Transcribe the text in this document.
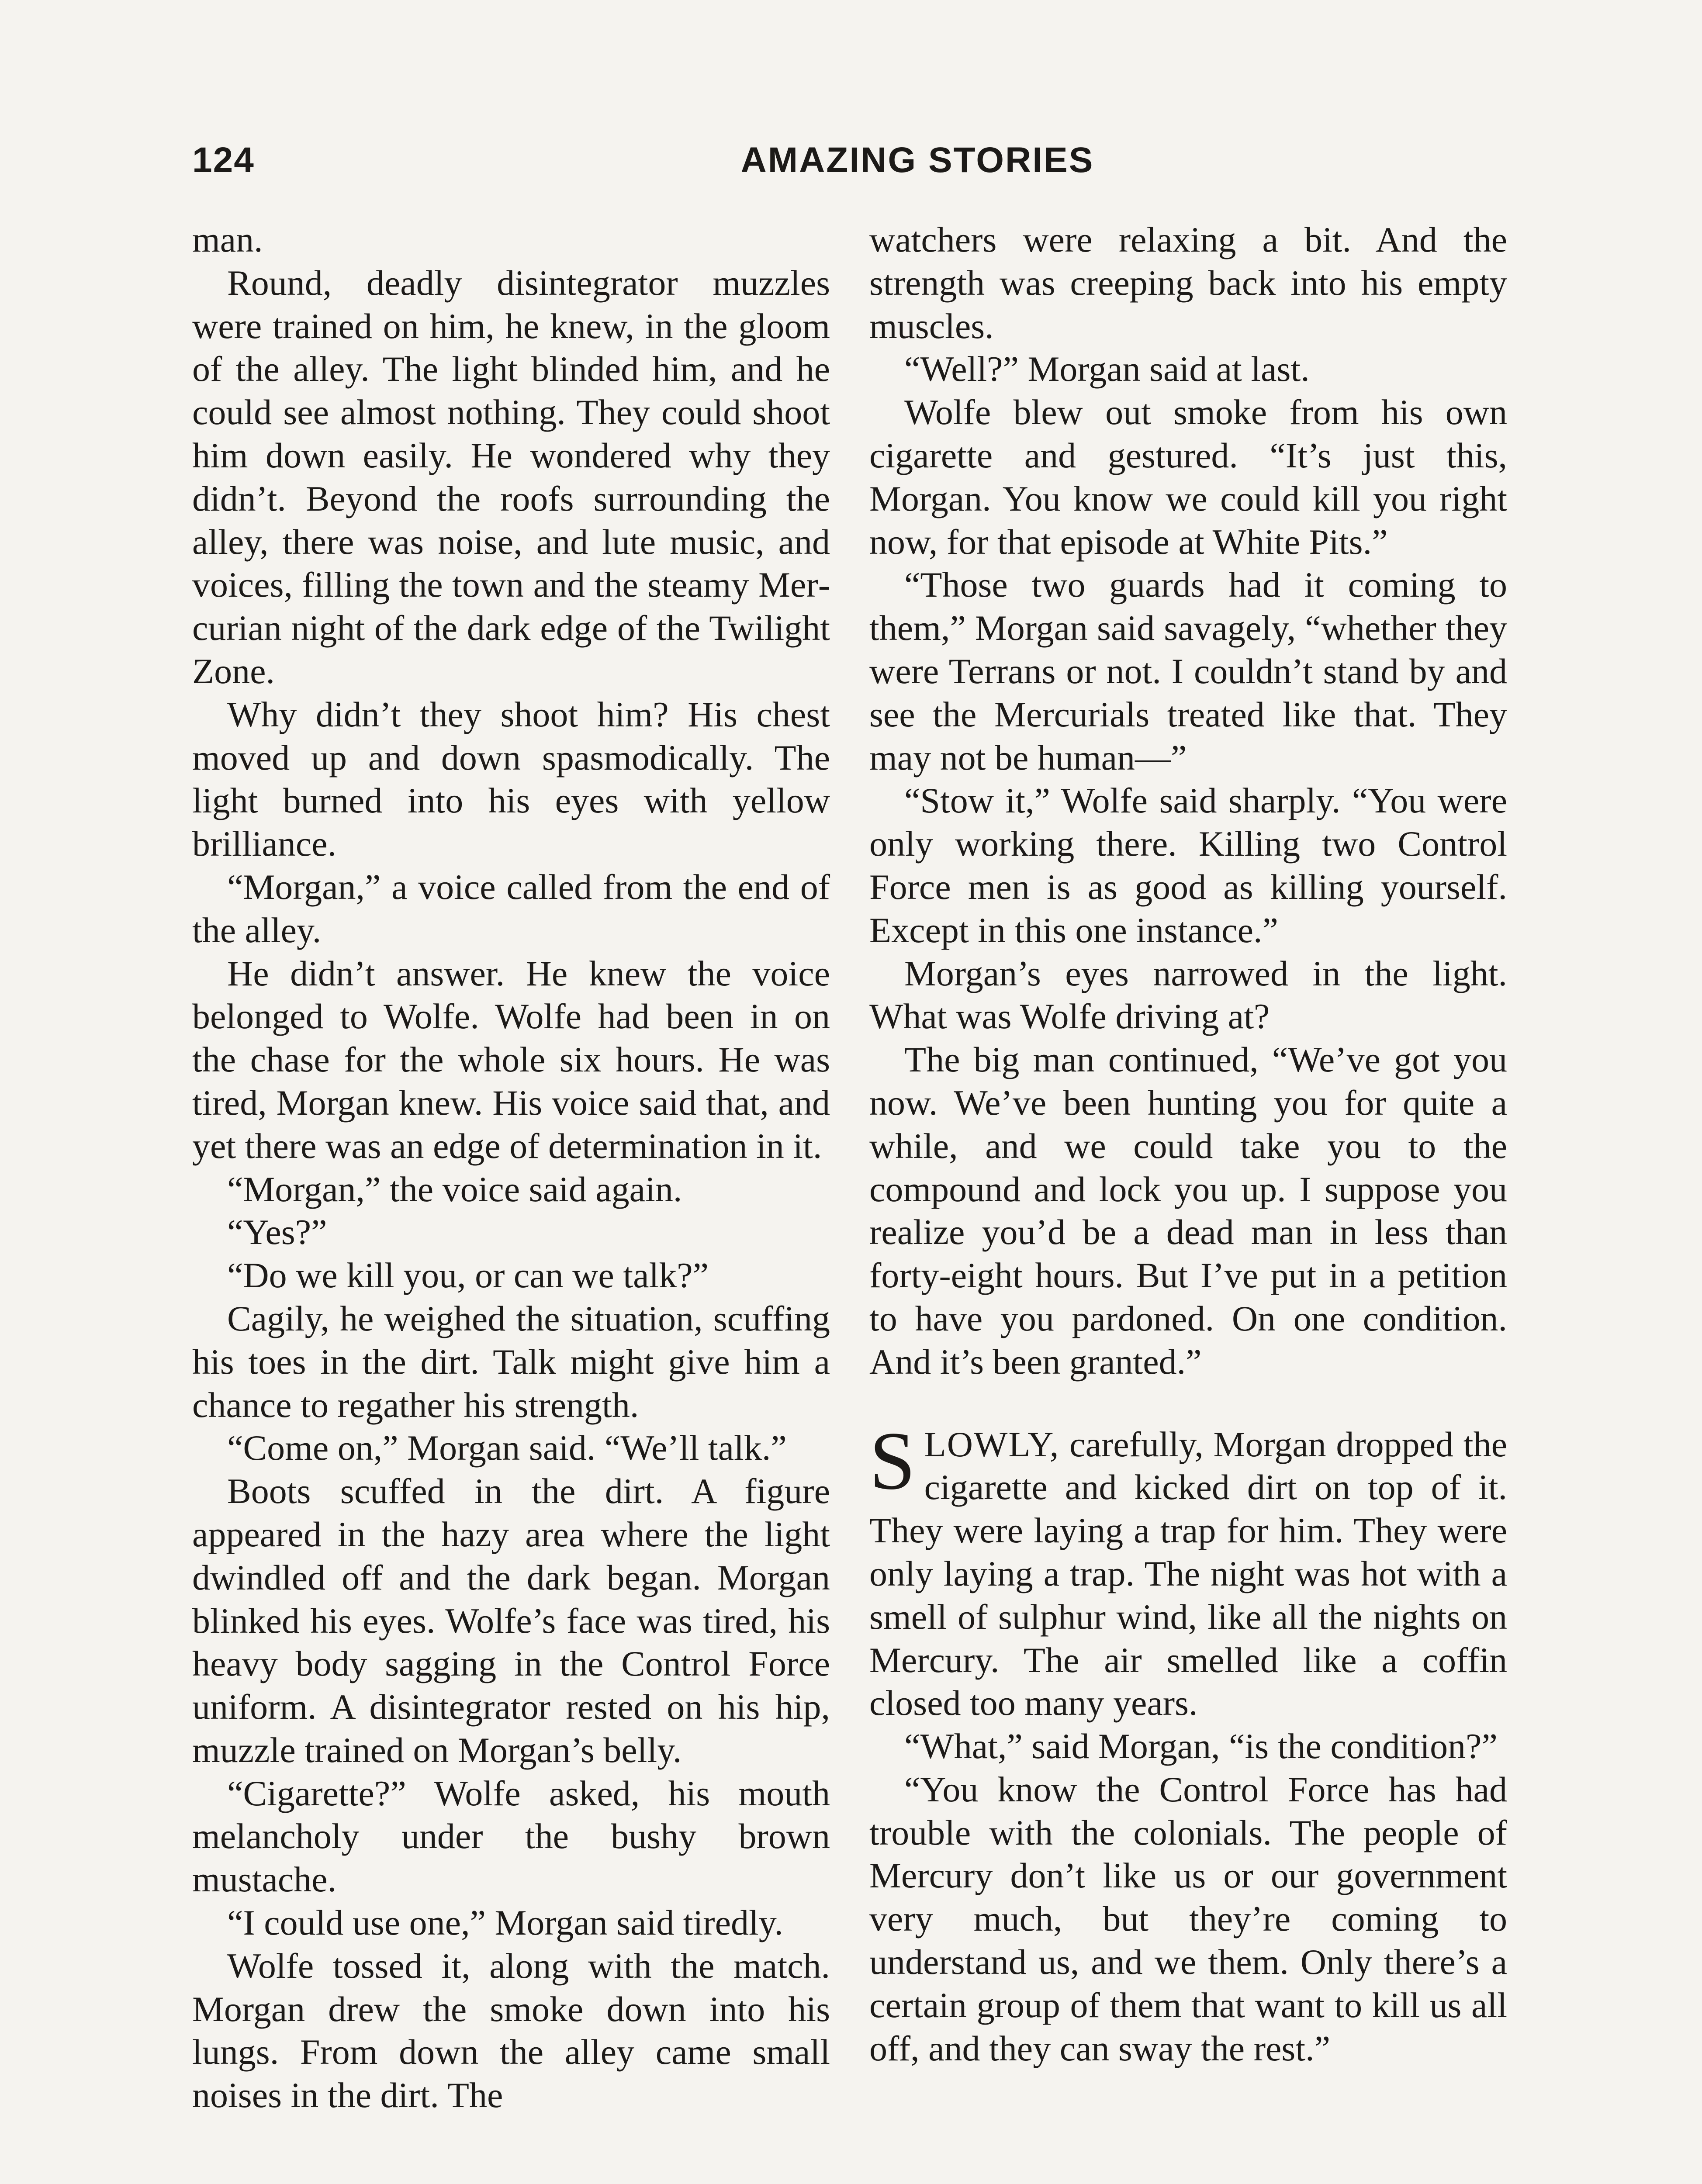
124	AMAZING STORIES

man.

Round, deadly disintegrator muzzles were trained on him, he knew, in the gloom of the alley. The light blinded him, and he could see almost nothing. They could shoot him down easily. He wondered why they didn’t. Beyond the roofs surrounding the alley, there was noise, and lute music, and voices, filling the town and the steamy Mercurian night of the dark edge of the Twilight Zone.

Why didn’t they shoot him? His chest moved up and down spasmodically. The light burned into his eyes with yellow brilliance.

“Morgan,” a voice called from the end of the alley.

He didn’t answer. He knew the voice belonged to Wolfe. Wolfe had been in on the chase for the whole six hours. He was tired, Morgan knew. His voice said that, and yet there was an edge of determination in it.

“Morgan,” the voice said again.

“Yes?”

“Do we kill you, or can we talk?”

Cagily, he weighed the situation, scuffing his toes in the dirt. Talk might give him a chance to regather his strength.

“Come on,” Morgan said. “We’ll talk.”

Boots scuffed in the dirt. A figure appeared in the hazy area where the light dwindled off and the dark began. Morgan blinked his eyes. Wolfe’s face was tired, his heavy body sagging in the Control Force uniform. A disintegrator rested on his hip, muzzle trained on Morgan’s belly.

“Cigarette?” Wolfe asked, his mouth melancholy under the bushy brown mustache.

“I could use one,” Morgan said tiredly.

Wolfe tossed it, along with the match. Morgan drew the smoke down into his lungs. From down the alley came small noises in the dirt. The

watchers were relaxing a bit. And the strength was creeping back into his empty muscles.

“Well?” Morgan said at last.

Wolfe blew out smoke from his own cigarette and gestured. “It’s just this, Morgan. You know we could kill you right now, for that episode at White Pits.”

“Those two guards had it coming to them,” Morgan said savagely, “whether they were Terrans or not. I couldn’t stand by and see the Mercurials treated like that. They may not be human—”

“Stow it,” Wolfe said sharply. “You were only working there. Killing two Control Force men is as good as killing yourself. Except in this one instance.”

Morgan’s eyes narrowed in the light. What was Wolfe driving at?

The big man continued, “We’ve got you now. We’ve been hunting you for quite a while, and we could take you to the compound and lock you up. I suppose you realize you’d be a dead man in less than forty-eight hours. But I’ve put in a petition to have you pardoned. On one condition. And it’s been granted.”

SLOWLY, carefully, Morgan dropped the cigarette and kicked dirt on top of it. They were laying a trap for him. They were only laying a trap. The night was hot with a smell of sulphur wind, like all the nights on Mercury. The air smelled like a coffin closed too many years.

“What,” said Morgan, “is the condition?”

“You know the Control Force has had trouble with the colonials. The people of Mercury don’t like us or our government very much, but they’re coming to understand us, and we them. Only there’s a certain group of them that want to kill us all off, and they can sway the rest.”
